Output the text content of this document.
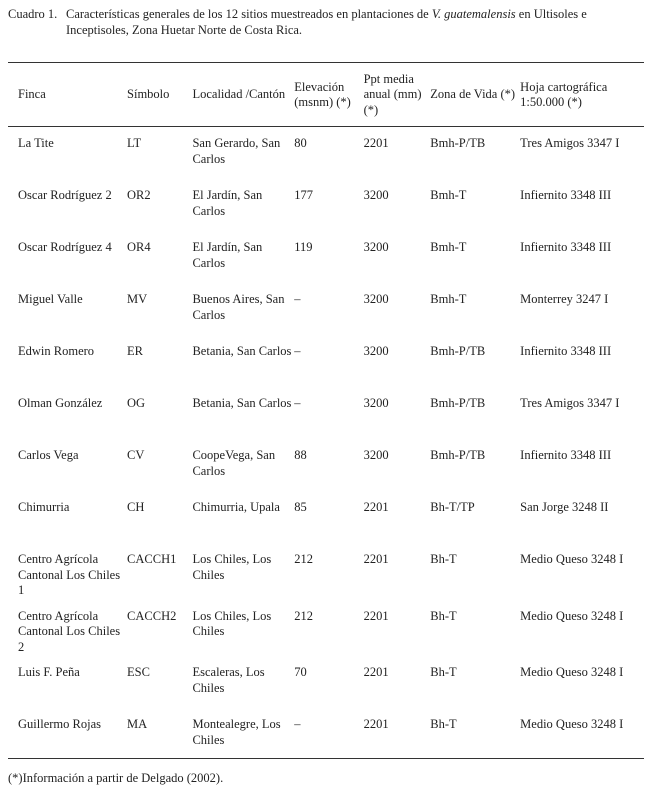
Cuadro 1. Características generales de los 12 sitios muestreados en plantaciones de V. guatemalensis en Ultisoles e Inceptisoles, Zona Huetar Norte de Costa Rica.
Finca	Símbolo	Localidad /Cantón	Elevación (msnm) (*)	Ppt media anual (mm) (*)	Zona de Vida (*)	Hoja cartográfica 1:50.000 (*)
La Tite	LT	San Gerardo, San Carlos	80	2201	Bmh-P/TB	Tres Amigos 3347 I
Oscar Rodríguez 2	OR2	El Jardín, San Carlos	177	3200	Bmh-T	Infiernito 3348 III
Oscar Rodríguez 4	OR4	El Jardín, San Carlos	119	3200	Bmh-T	Infiernito 3348 III
Miguel Valle	MV	Buenos Aires, San Carlos	–	3200	Bmh-T	Monterrey 3247 I
Edwin Romero	ER	Betania, San Carlos	–	3200	Bmh-P/TB	Infiernito 3348 III
Olman González	OG	Betania, San Carlos	–	3200	Bmh-P/TB	Tres Amigos 3347 I
Carlos Vega	CV	CoopeVega, San Carlos	88	3200	Bmh-P/TB	Infiernito 3348 III
Chimurria	CH	Chimurria, Upala	85	2201	Bh-T/TP	San Jorge 3248 II
Centro Agrícola Cantonal Los Chiles 1	CACCH1	Los Chiles, Los Chiles	212	2201	Bh-T	Medio Queso 3248 I
Centro Agrícola Cantonal Los Chiles 2	CACCH2	Los Chiles, Los Chiles	212	2201	Bh-T	Medio Queso 3248 I
Luis F. Peña	ESC	Escaleras, Los Chiles	70	2201	Bh-T	Medio Queso 3248 I
Guillermo Rojas	MA	Montealegre, Los Chiles	–	2201	Bh-T	Medio Queso 3248 I
(*)Información a partir de Delgado (2002).
